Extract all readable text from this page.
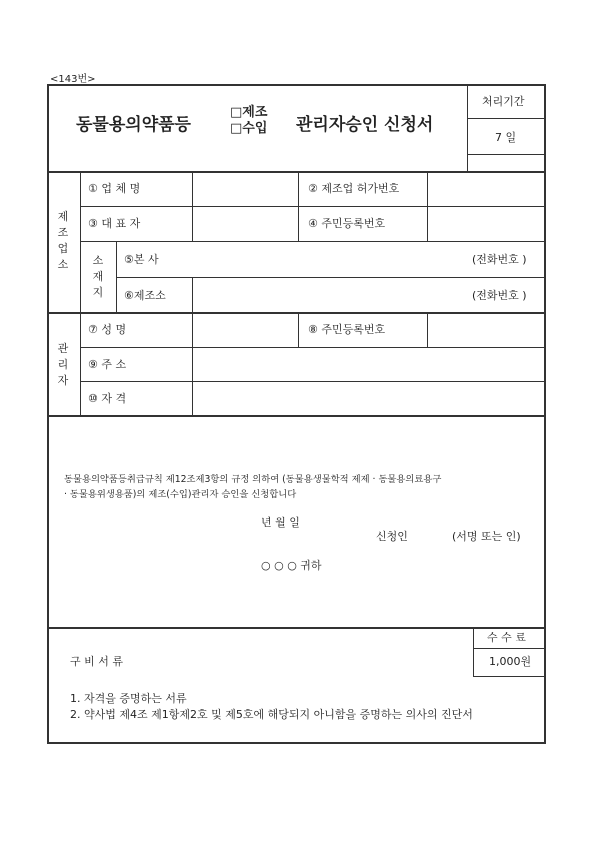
<143번>
동물용의약품등
□제조
□수입 관리자승인 신청서
처리기간
7 일
제
조
업
소
① 업 체 명	② 제조업 허가번호
③ 대 표 자	④ 주민등록번호
소
재
지
⑤본 사	(전화번호 )
⑥제조소	(전화번호 )
관
리
자
⑦ 성 명	⑧ 주민등록번호
⑨ 주 소
⑩ 자 격
동물용의약품등취급규칙 제12조제3항의 규정 의하여 (동물용생물학적 제제 · 동물용의료용구
· 동물용위생용품)의 제조(수입)관리자 승인을 신청합니다
년 월 일
신청인	(서명 또는 인)
○ ○ ○ 귀하
구 비 서 류
수 수 료
1,000원
1. 자격을 증명하는 서류
2. 약사법 제4조 제1항제2호 및 제5호에 해당되지 아니함을 증명하는 의사의 진단서
